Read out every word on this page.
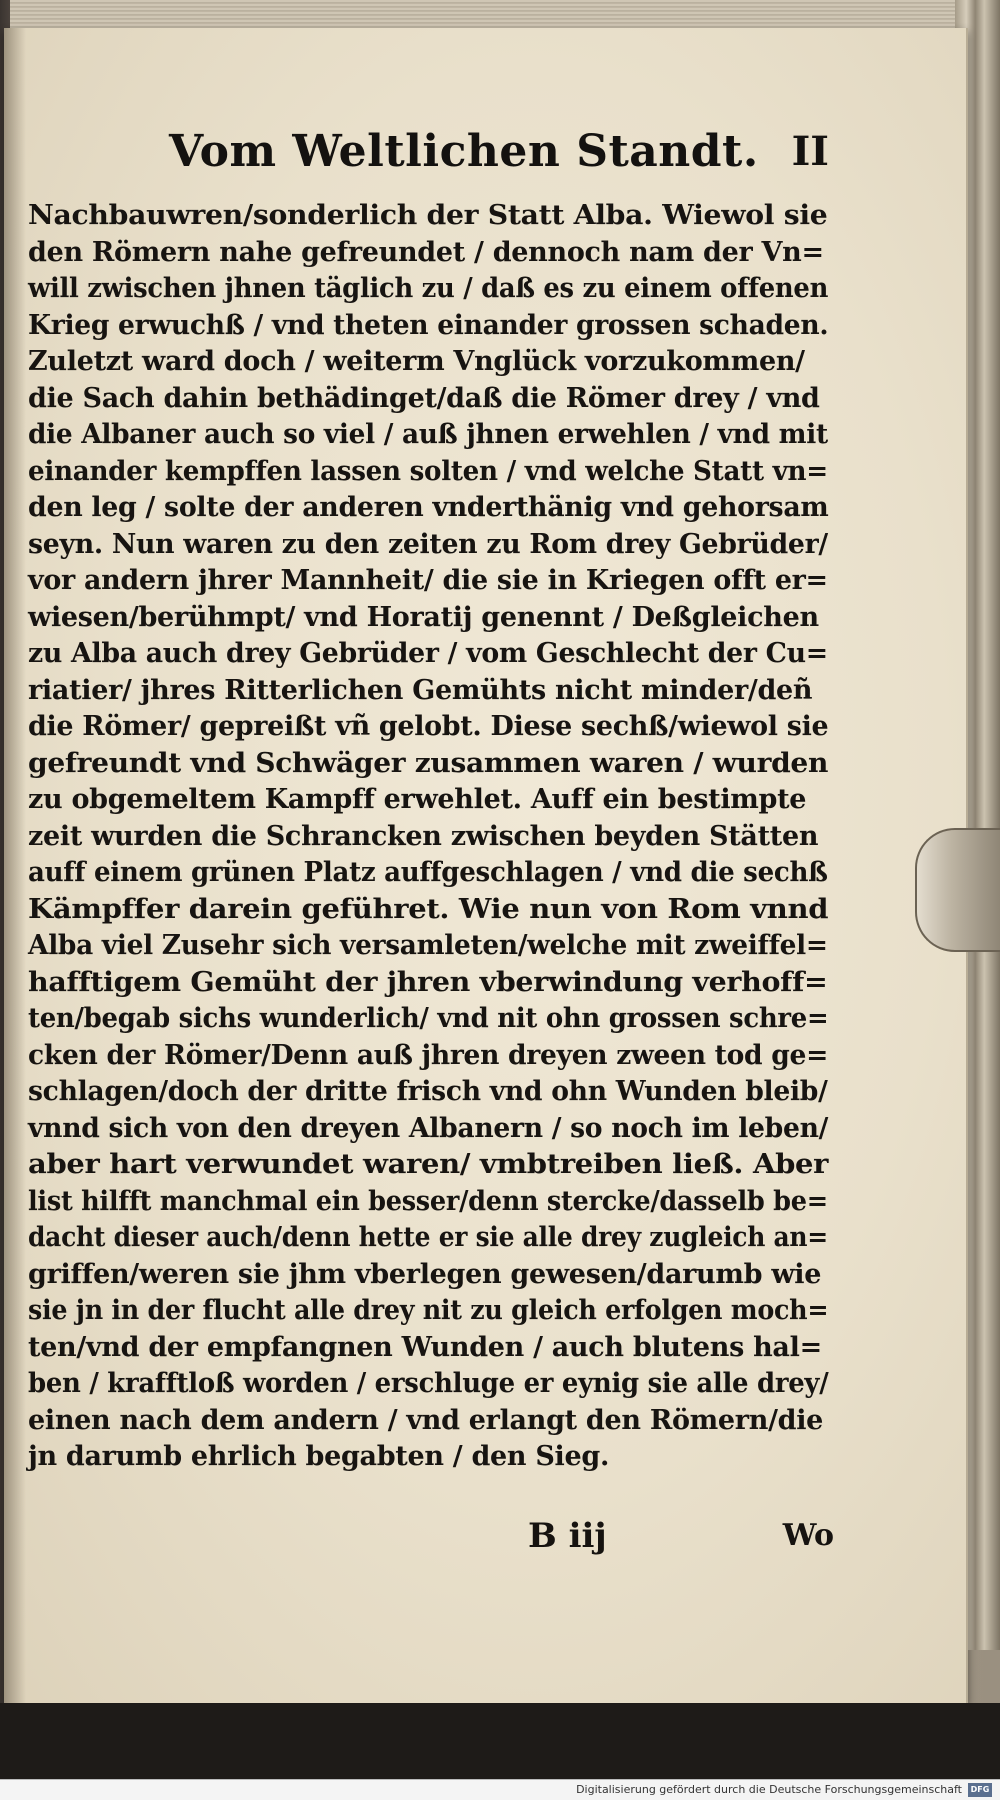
Vom Weltlichen Standt. II
Nachbauwren/sonderlich der Statt Alba. Wiewol sie
den Römern nahe gefreundet / dennoch nam der Vn=
will zwischen jhnen täglich zu / daß es zu einem offenen
Krieg erwuchß / vnd theten einander grossen schaden.
Zuletzt ward doch / weiterm Vnglück vorzukommen/
die Sach dahin bethädinget/daß die Römer drey / vnd
die Albaner auch so viel / auß jhnen erwehlen / vnd mit
einander kempffen lassen solten / vnd welche Statt vn=
den leg / solte der anderen vnderthänig vnd gehorsam
seyn. Nun waren zu den zeiten zu Rom drey Gebrüder/
vor andern jhrer Mannheit/ die sie in Kriegen offt er=
wiesen/berühmpt/ vnd Horatij genennt / Deßgleichen
zu Alba auch drey Gebrüder / vom Geschlecht der Cu=
riatier/ jhres Ritterlichen Gemühts nicht minder/deñ
die Römer/ gepreißt vñ gelobt. Diese sechß/wiewol sie
gefreundt vnd Schwäger zusammen waren / wurden
zu obgemeltem Kampff erwehlet. Auff ein bestimpte
zeit wurden die Schrancken zwischen beyden Stätten
auff einem grünen Platz auffgeschlagen / vnd die sechß
Kämpffer darein geführet. Wie nun von Rom vnnd
Alba viel Zusehr sich versamleten/welche mit zweiffel=
hafftigem Gemüht der jhren vberwindung verhoff=
ten/begab sichs wunderlich/ vnd nit ohn grossen schre=
cken der Römer/Denn auß jhren dreyen zween tod ge=
schlagen/doch der dritte frisch vnd ohn Wunden bleib/
vnnd sich von den dreyen Albanern / so noch im leben/
aber hart verwundet waren/ vmbtreiben ließ. Aber
list hilfft manchmal ein besser/denn stercke/dasselb be=
dacht dieser auch/denn hette er sie alle drey zugleich an=
griffen/weren sie jhm vberlegen gewesen/darumb wie
sie jn in der flucht alle drey nit zu gleich erfolgen moch=
ten/vnd der empfangnen Wunden / auch blutens hal=
ben / krafftloß worden / erschluge er eynig sie alle drey/
einen nach dem andern / vnd erlangt den Römern/die
jn darumb ehrlich begabten / den Sieg.
B iij	Wo
Digitalisierung gefördert durch die Deutsche Forschungsgemeinschaft	DFG
